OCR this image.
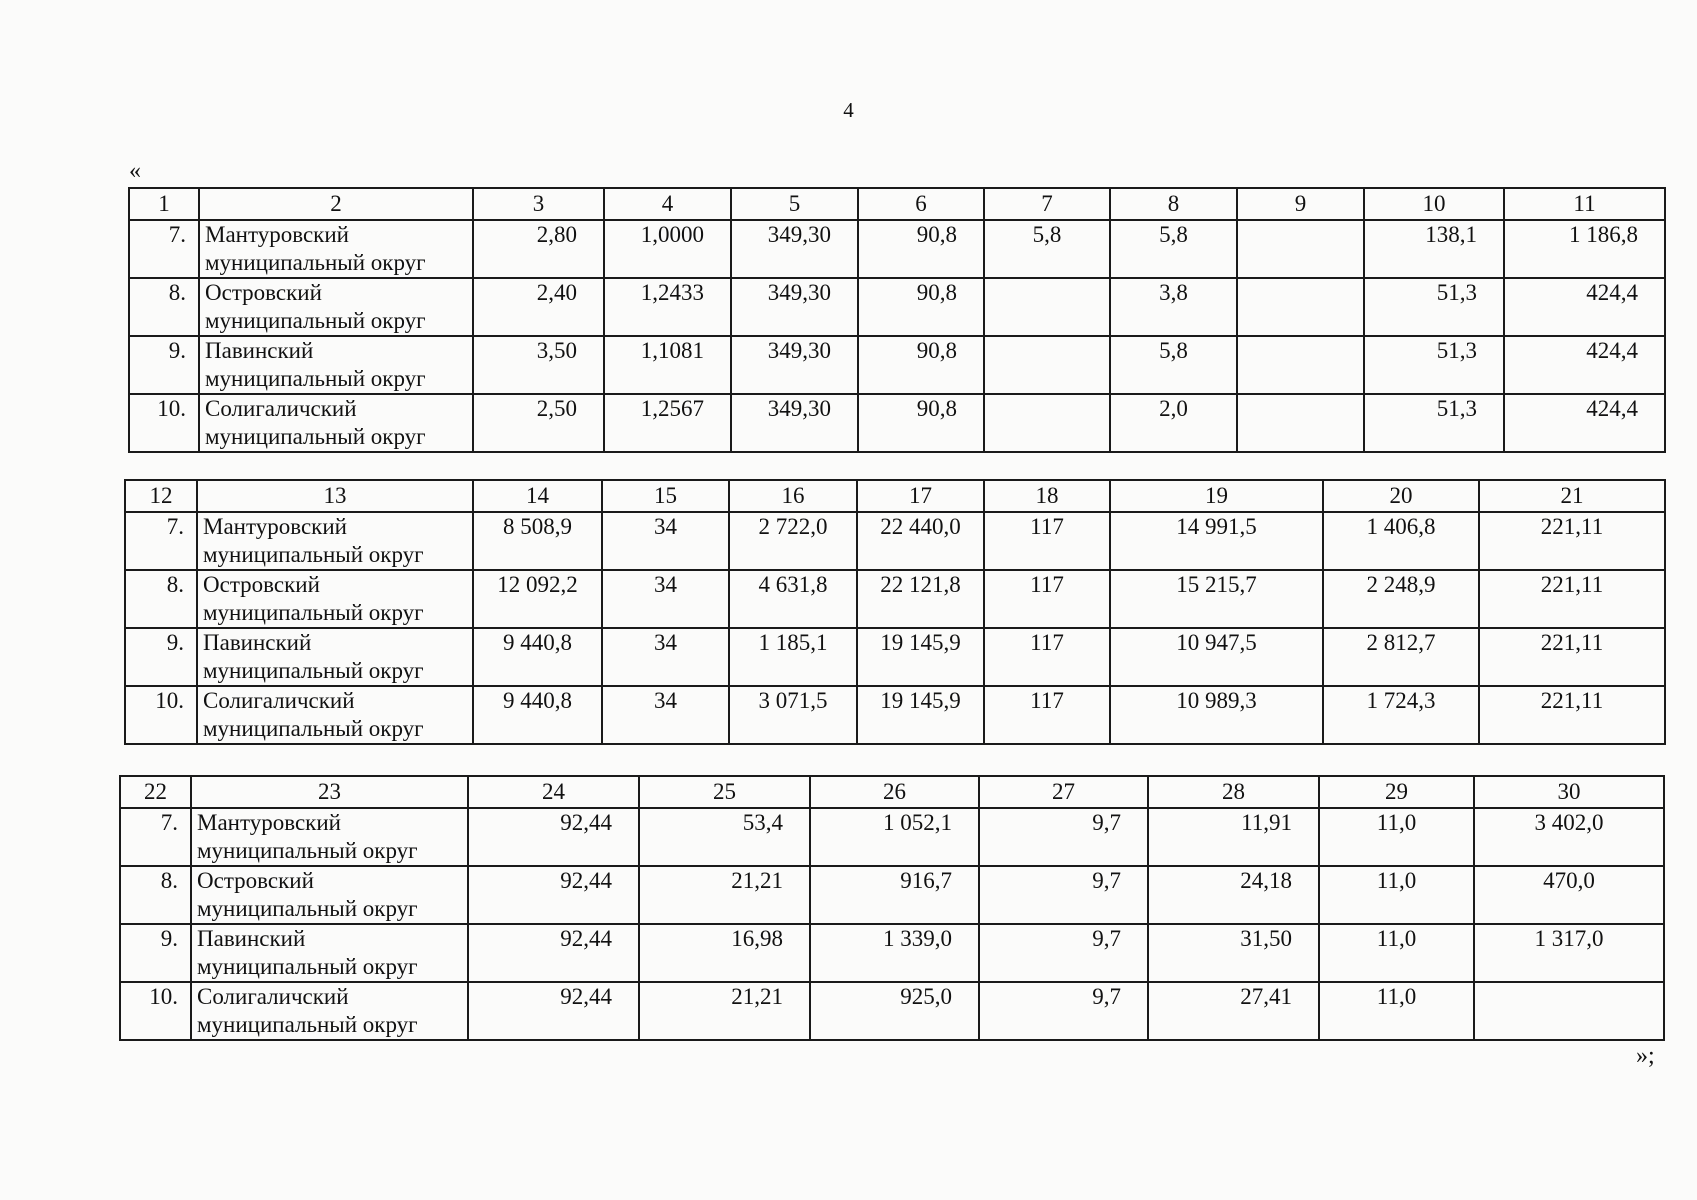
4
«
1	2	3	4	5	6	7	8	9	10	11
7.	Мантуровский муниципальный округ	2,80	1,0000	349,30	90,8	5,8	5,8		138,1	1 186,8
8.	Островский муниципальный округ	2,40	1,2433	349,30	90,8		3,8		51,3	424,4
9.	Павинский муниципальный округ	3,50	1,1081	349,30	90,8		5,8		51,3	424,4
10.	Солигаличский муниципальный округ	2,50	1,2567	349,30	90,8		2,0		51,3	424,4
12	13	14	15	16	17	18	19	20	21
7.	Мантуровский муниципальный округ	8 508,9	34	2 722,0	22 440,0	117	14 991,5	1 406,8	221,11
8.	Островский муниципальный округ	12 092,2	34	4 631,8	22 121,8	117	15 215,7	2 248,9	221,11
9.	Павинский муниципальный округ	9 440,8	34	1 185,1	19 145,9	117	10 947,5	2 812,7	221,11
10.	Солигаличский муниципальный округ	9 440,8	34	3 071,5	19 145,9	117	10 989,3	1 724,3	221,11
22	23	24	25	26	27	28	29	30
7.	Мантуровский муниципальный округ	92,44	53,4	1 052,1	9,7	11,91	11,0	3 402,0
8.	Островский муниципальный округ	92,44	21,21	916,7	9,7	24,18	11,0	470,0
9.	Павинский муниципальный округ	92,44	16,98	1 339,0	9,7	31,50	11,0	1 317,0
10.	Солигаличский муниципальный округ	92,44	21,21	925,0	9,7	27,41	11,0	
»;
